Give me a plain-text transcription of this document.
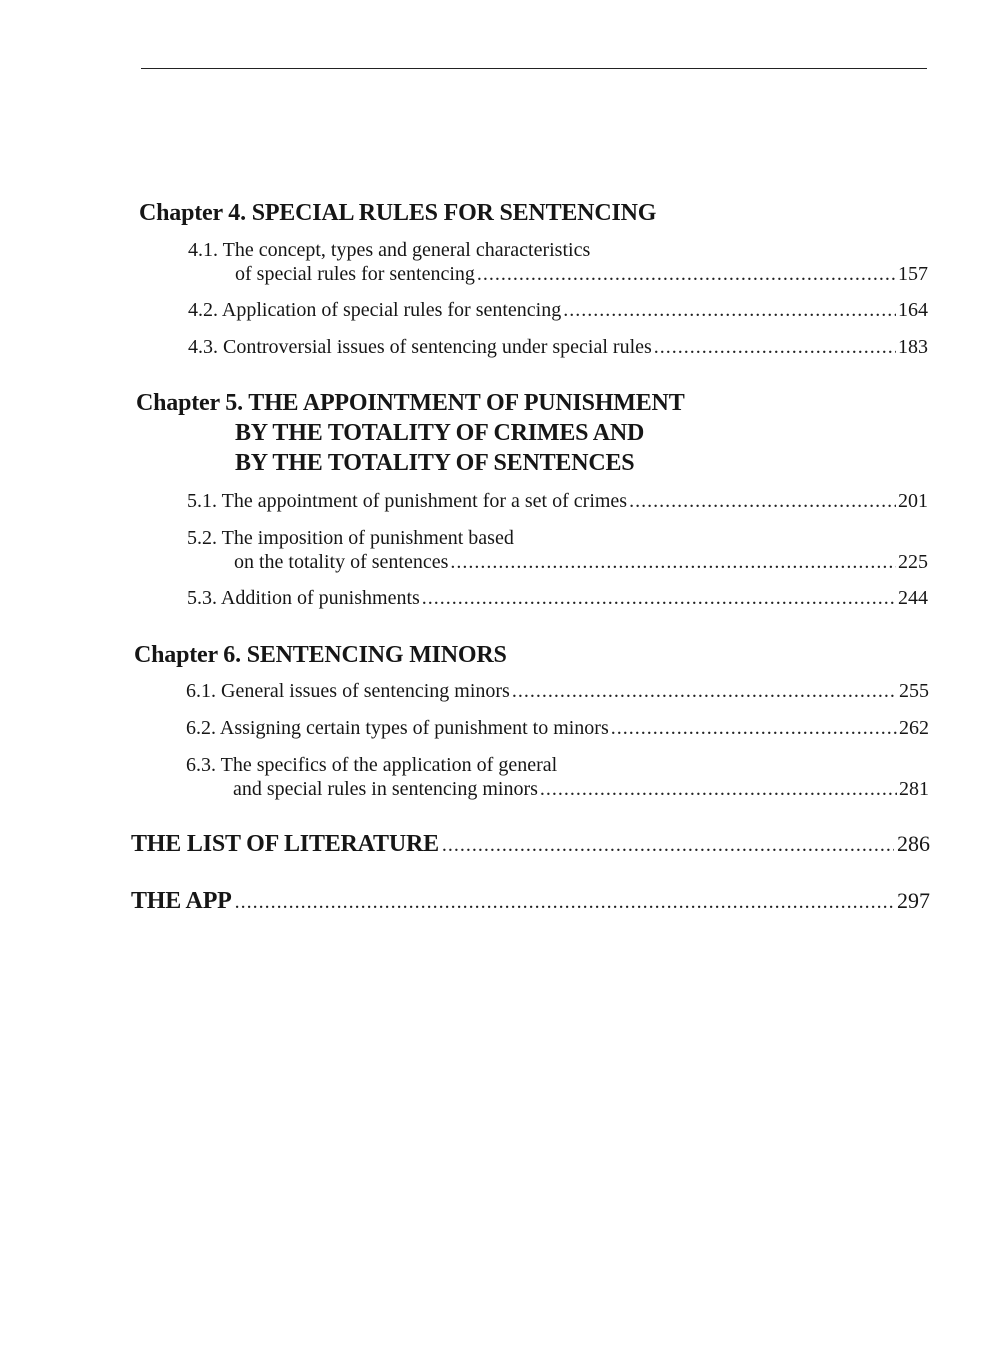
Chapter 4. SPECIAL RULES FOR SENTENCING
4.1. The concept, types and general characteristics
of special rules for sentencing .....	157
4.2. Application of special rules for sentencing .....	164
4.3. Controversial issues of sentencing under special rules .....	183
Chapter 5. THE APPOINTMENT OF PUNISHMENT
BY THE TOTALITY OF CRIMES AND
BY THE TOTALITY OF SENTENCES
5.1. The appointment of punishment for a set of crimes .....	201
5.2. The imposition of punishment based
on the totality of sentences .....	225
5.3. Addition of punishments .....	244
Chapter 6. SENTENCING MINORS
6.1. General issues of sentencing minors .....	255
6.2. Assigning certain types of punishment to minors .....	262
6.3. The specifics of the application of general
and special rules in sentencing minors .....	281
THE LIST OF LITERATURE .....	286
THE APP .....	297
